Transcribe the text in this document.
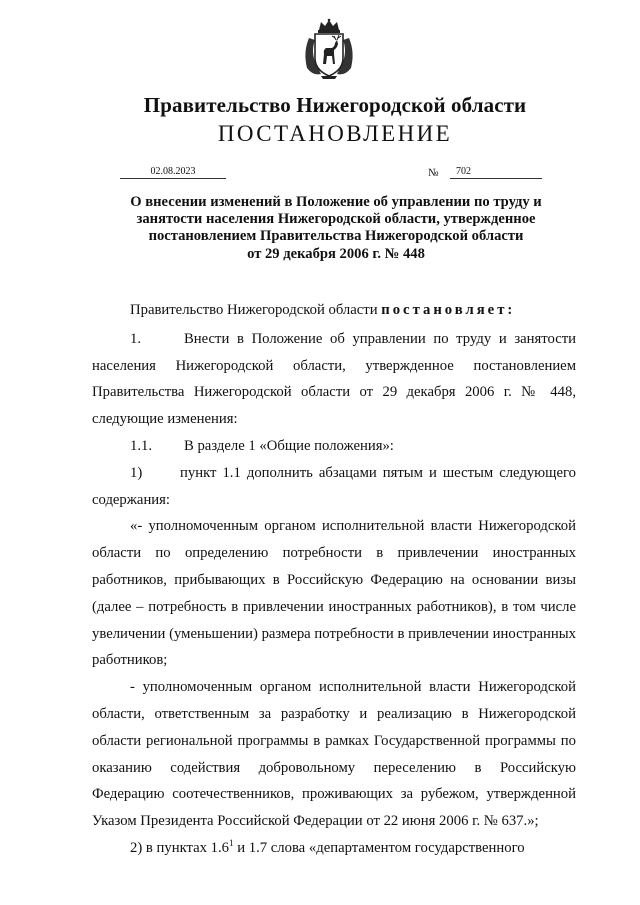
Правительство Нижегородской области
ПОСТАНОВЛЕНИЕ
02.08.2023	№	702
О внесении изменений в Положение об управлении по труду и
занятости населения Нижегородской области, утвержденное
постановлением Правительства Нижегородской области
от 29 декабря 2006 г. № 448
Правительство Нижегородской области постановляет:
1.	Внести в Положение об управлении по труду и занятости населения Нижегородской области, утвержденное постановлением Правительства Нижегородской области от 29 декабря 2006 г. № 448, следующие изменения:
1.1. В разделе 1 «Общие положения»:
1)	пункт 1.1 дополнить абзацами пятым и шестым следующего содержания:
«- уполномоченным органом исполнительной власти Нижегородской области по определению потребности в привлечении иностранных работников, прибывающих в Российскую Федерацию на основании визы (далее – потребность в привлечении иностранных работников), в том числе увеличении (уменьшении) размера потребности в привлечении иностранных работников;
- уполномоченным органом исполнительной власти Нижегородской области, ответственным за разработку и реализацию в Нижегородской области региональной программы в рамках Государственной программы по оказанию содействия добровольному переселению в Российскую Федерацию соотечественников, проживающих за рубежом, утвержденной Указом Президента Российской Федерации от 22 июня 2006 г. № 637.»;
2) в пунктах $1.6^1$ и 1.7 слова «департаментом государственного
